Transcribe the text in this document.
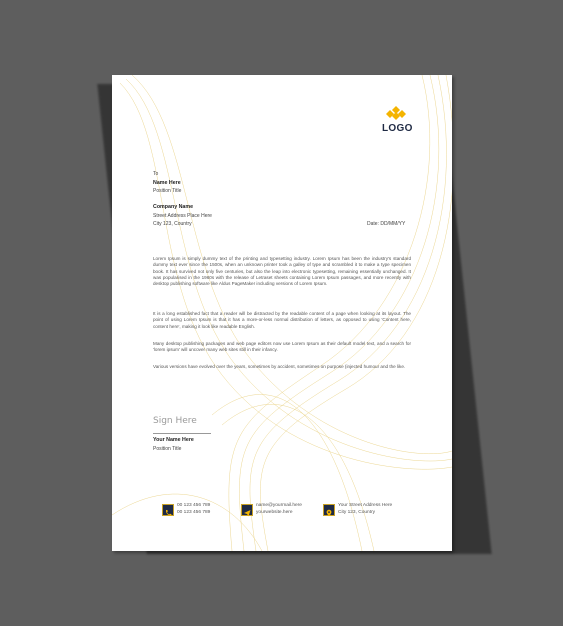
LOGO
To
Name Here
Position Title
Company Name
Street Address Place Here
City 123, Country	Date: DD/MM/YY
Lorem Ipsum is simply dummy text of the printing and typesetting industry. Lorem Ipsum has been the industry's standard dummy text ever since the 1500s, when an unknown printer took a galley of type and scrambled it to make a type specimen book. It has survived not only five centuries, but also the leap into electronic typesetting, remaining essentially unchanged. It was popularised in the 1960s with the release of Letraset sheets containing Lorem Ipsum passages, and more recently with desktop publishing software like Aldus PageMaker including versions of Lorem Ipsum.
It is a long established fact that a reader will be distracted by the readable content of a page when looking at its layout. The point of using Lorem Ipsum is that it has a more-or-less normal distribution of letters, as opposed to using 'Content here, content here', making it look like readable English.
Many desktop publishing packages and web page editors now use Lorem Ipsum as their default model text, and a search for 'lorem ipsum' will uncover many web sites still in their infancy.
Various versions have evolved over the years, sometimes by accident, sometimes on purpose (injected humour and the like.
Sign Here
Your Name Here
Position Title
00 123 456 789
00 123 456 789
name@yourmail.here
yourwebsite.here
Your Street Address Here
City 123, Country
